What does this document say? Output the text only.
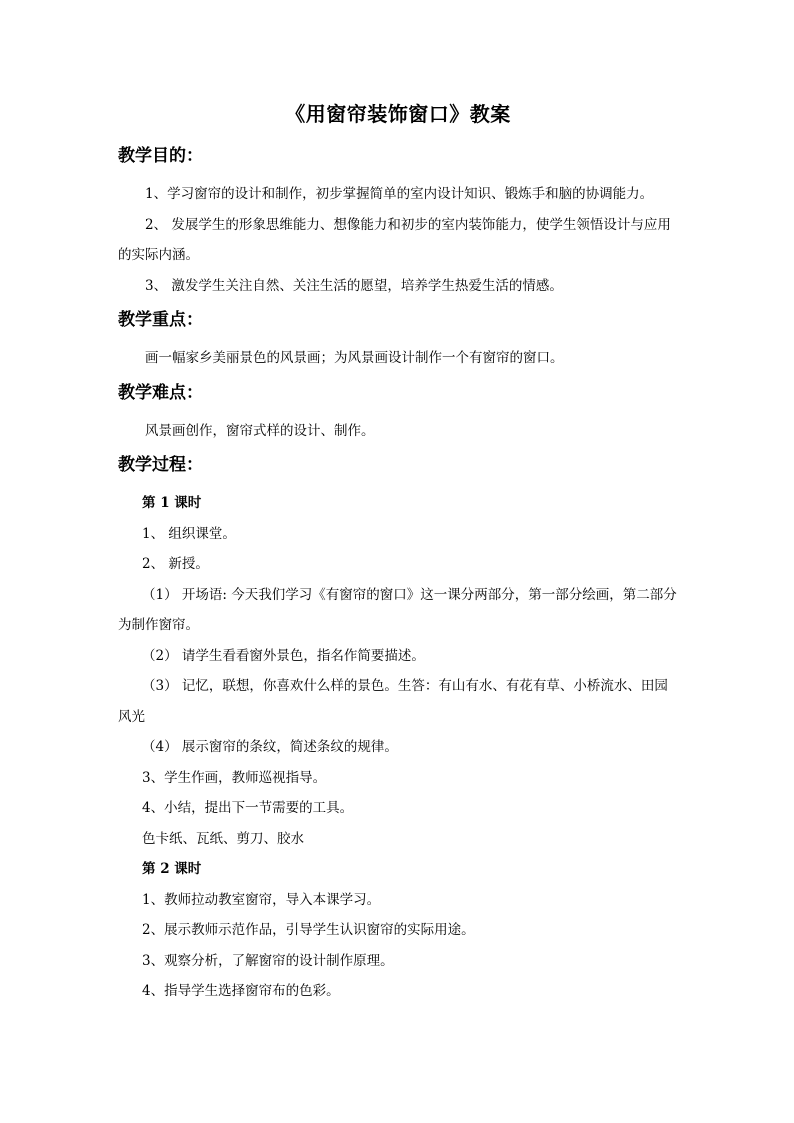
《用窗帘装饰窗口》教案
教学目的：

1、学习窗帘的设计和制作，初步掌握简单的室内设计知识、锻炼手和脑的协调能力。

2、 发展学生的形象思维能力、想像能力和初步的室内装饰能力，使学生领悟设计与应用的实际内涵。

3、 激发学生关注自然、关注生活的愿望，培养学生热爱生活的情感。

教学重点：

画一幅家乡美丽景色的风景画；为风景画设计制作一个有窗帘的窗口。

教学难点：

风景画创作，窗帘式样的设计、制作。

教学过程：

第 1 课时

1、 组织课堂。

2、 新授。

（1） 开场语: 今天我们学习《有窗帘的窗口》这一课分两部分，第一部分绘画，第二部分为制作窗帘。

（2） 请学生看看窗外景色，指名作简要描述。

（3） 记忆，联想，你喜欢什么样的景色。生答：有山有水、有花有草、小桥流水、田园风光

（4） 展示窗帘的条纹，简述条纹的规律。

3、学生作画，教师巡视指导。

4、小结，提出下一节需要的工具。

色卡纸、瓦纸、剪刀、胶水

第 2 课时

1、教师拉动教室窗帘，导入本课学习。

2、展示教师示范作品，引导学生认识窗帘的实际用途。

3、观察分析，了解窗帘的设计制作原理。

4、指导学生选择窗帘布的色彩。
